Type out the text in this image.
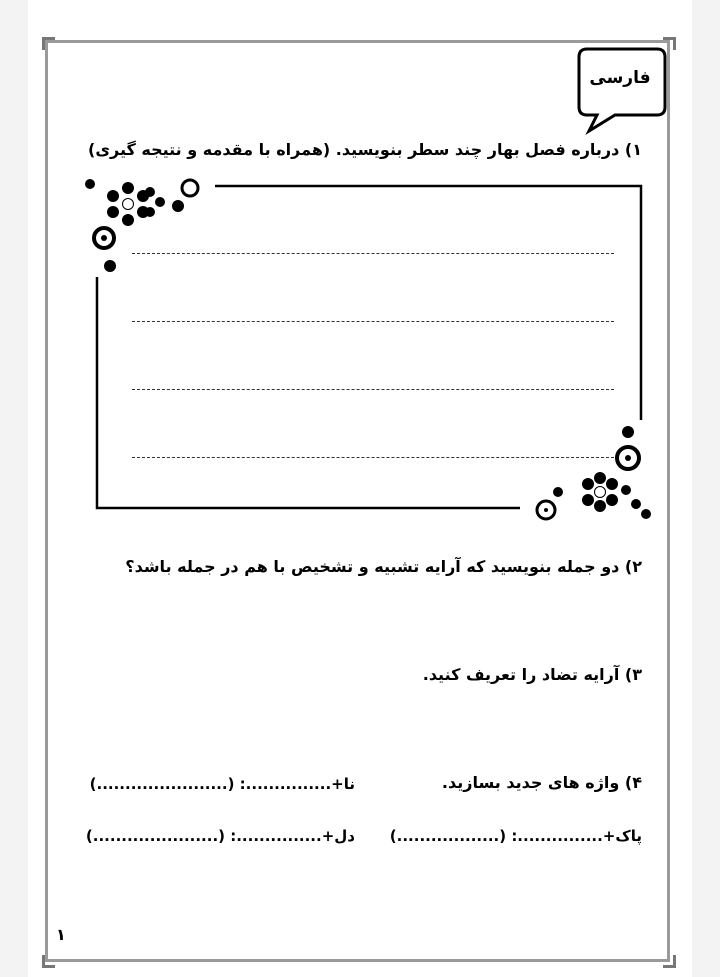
فارسی
۱) درباره فصل بهار چند سطر بنویسید. (همراه با مقدمه و نتیجه گیری)
۲) دو جمله بنویسید که آرایه تشبیه و تشخیص با هم در جمله باشد؟
۳) آرایه تضاد را تعریف کنید.
۴) واژه های جدید بسازید.
نا+...............: (.......................)
پاک+...............: (..................)
دل+...............: (......................)
۱
